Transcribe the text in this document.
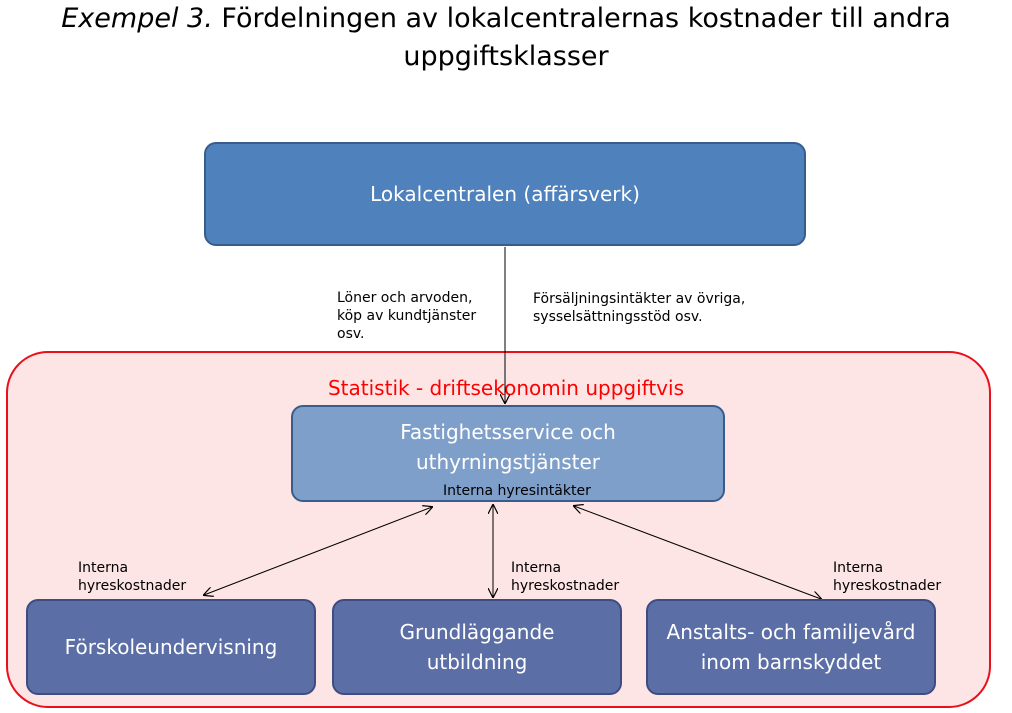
Exempel 3. Fördelningen av lokalcentralernas kostnader till andra
uppgiftsklasser
Statistik - driftsekonomin uppgiftvis
Lokalcentralen (affärsverk)
Fastighetsservice och
uthyrningstjänster
Förskoleundervisning
Grundläggande
utbildning
Anstalts- och familjevård
inom barnskyddet
Löner och arvoden,
köp av kundtjänster
osv.
Försäljningsintäkter av övriga,
sysselsättningsstöd osv.
Interna hyresintäkter
Interna
hyreskostnader
Interna
hyreskostnader
Interna
hyreskostnader
